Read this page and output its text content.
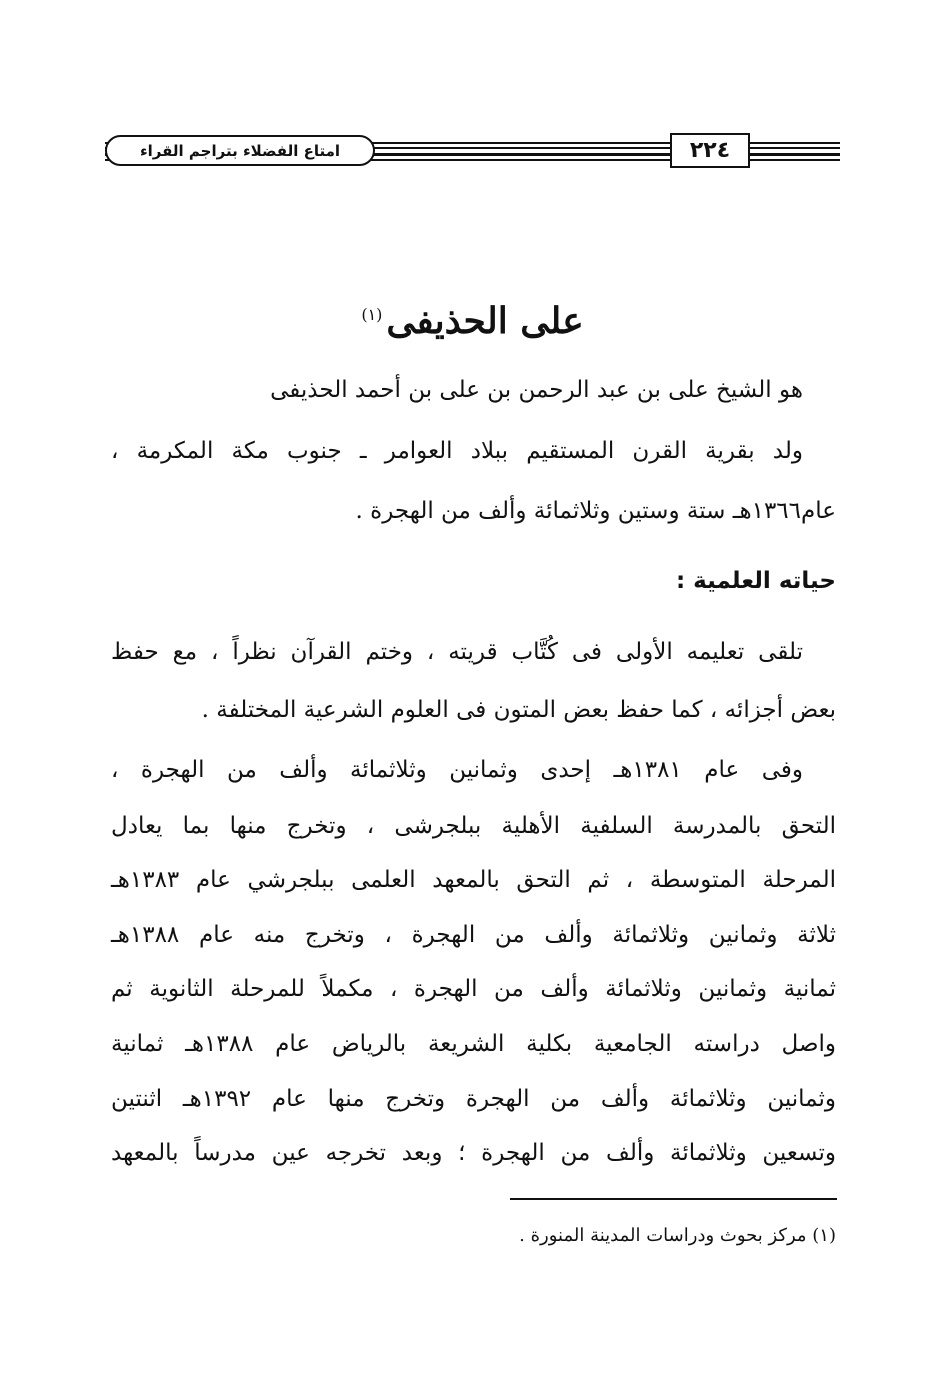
٢٢٤
امتاع الفضلاء بتراجم القراء
على الحذيفى$^{(١)}$

هو الشيخ على بن عبد الرحمن بن على بن أحمد الحذيفى

ولد بقرية القرن المستقيم ببلاد العوامر ـ جنوب مكة المكرمة ،

عام١٣٦٦هـ ستة وستين وثلاثمائة وألف من الهجرة .

حياته العلمية :

تلقى تعليمه الأولى فى كُتَّاب قريته ، وختم القرآن نظراً ، مع حفظ

بعض أجزائه ، كما حفظ بعض المتون فى العلوم الشرعية المختلفة .

وفى عام ١٣٨١هـ إحدى وثمانين وثلاثمائة وألف من الهجرة ،

التحق بالمدرسة السلفية الأهلية ببلجرشى ، وتخرج منها بما يعادل

المرحلة المتوسطة ، ثم التحق بالمعهد العلمى ببلجرشي عام ١٣٨٣هـ

ثلاثة وثمانين وثلاثمائة وألف من الهجرة ، وتخرج منه عام ١٣٨٨هـ

ثمانية وثمانين وثلاثمائة وألف من الهجرة ، مكملاً للمرحلة الثانوية ثم

واصل دراسته الجامعية بكلية الشريعة بالرياض عام ١٣٨٨هـ ثمانية

وثمانين وثلاثمائة وألف من الهجرة وتخرج منها عام ١٣٩٢هـ اثنتين

وتسعين وثلاثمائة وألف من الهجرة ؛ وبعد تخرجه عين مدرساً بالمعهد

(١) مركز بحوث ودراسات المدينة المنورة .
